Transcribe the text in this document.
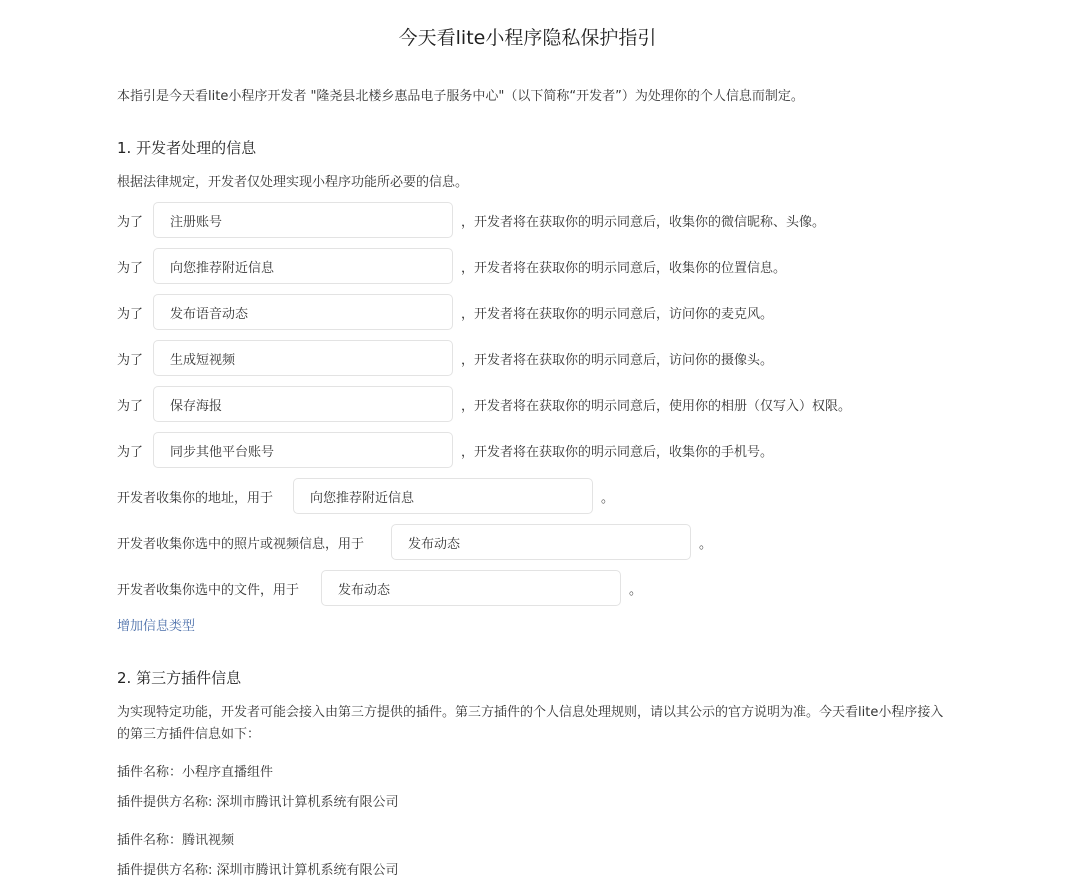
今天看lite小程序隐私保护指引
本指引是今天看lite小程序开发者 "隆尧县北楼乡惠品电子服务中心"（以下简称“开发者”）为处理你的个人信息而制定。
1. 开发者处理的信息
根据法律规定，开发者仅处理实现小程序功能所必要的信息。
为了	注册账号	，开发者将在获取你的明示同意后，收集你的微信昵称、头像。
为了	向您推荐附近信息	，开发者将在获取你的明示同意后，收集你的位置信息。
为了	发布语音动态	，开发者将在获取你的明示同意后，访问你的麦克风。
为了	生成短视频	，开发者将在获取你的明示同意后，访问你的摄像头。
为了	保存海报	，开发者将在获取你的明示同意后，使用你的相册（仅写入）权限。
为了	同步其他平台账号	，开发者将在获取你的明示同意后，收集你的手机号。
开发者收集你的地址，用于	向您推荐附近信息	。
开发者收集你选中的照片或视频信息，用于	发布动态	。
开发者收集你选中的文件，用于	发布动态	。
增加信息类型
2. 第三方插件信息
为实现特定功能，开发者可能会接入由第三方提供的插件。第三方插件的个人信息处理规则，请以其公示的官方说明为准。今天看lite小程序接入的第三方插件信息如下：
插件名称：小程序直播组件
插件提供方名称: 深圳市腾讯计算机系统有限公司
插件名称：腾讯视频
插件提供方名称: 深圳市腾讯计算机系统有限公司
